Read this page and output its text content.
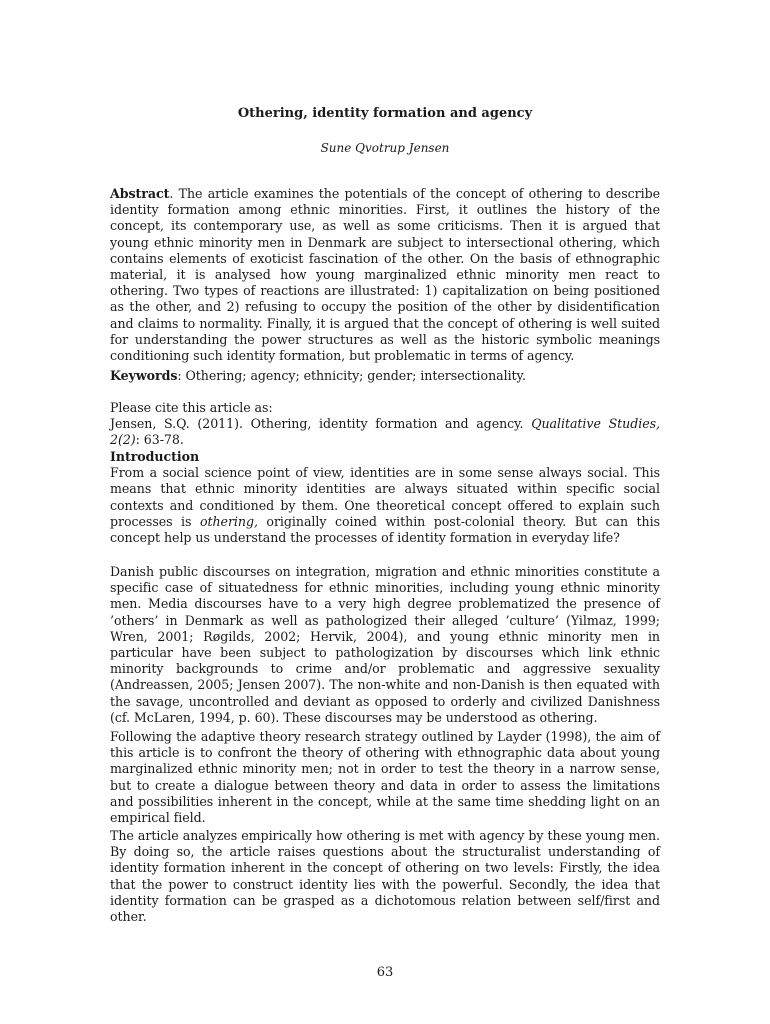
Othering, identity formation and agency
Sune Qvotrup Jensen

Abstract. The article examines the potentials of the concept of othering to describe identity formation among ethnic minorities. First, it outlines the history of the concept, its contemporary use, as well as some criticisms. Then it is argued that young ethnic minority men in Denmark are subject to intersectional othering, which contains elements of exoticist fascination of the other. On the basis of ethnographic material, it is analysed how young marginalized ethnic minority men react to othering. Two types of reactions are illustrated: 1) capitalization on being positioned as the other, and 2) refusing to occupy the position of the other by disidentification and claims to normality. Finally, it is argued that the concept of othering is well suited for understanding the power structures as well as the historic symbolic meanings conditioning such identity formation, but problematic in terms of agency.

Keywords: Othering; agency; ethnicity; gender; intersectionality.

Please cite this article as:

Jensen, S.Q. (2011). Othering, identity formation and agency. Qualitative Studies, 2(2): 63-78.

Introduction

From a social science point of view, identities are in some sense always social. This means that ethnic minority identities are always situated within specific social contexts and conditioned by them. One theoretical concept offered to explain such processes is othering, originally coined within post-colonial theory. But can this concept help us understand the processes of identity formation in everyday life?

Danish public discourses on integration, migration and ethnic minorities constitute a specific case of situatedness for ethnic minorities, including young ethnic minority men. Media discourses have to a very high degree problematized the presence of ’others’ in Denmark as well as pathologized their alleged ’culture’ (Yilmaz, 1999; Wren, 2001; Røgilds, 2002; Hervik, 2004), and young ethnic minority men in particular have been subject to pathologization by discourses which link ethnic minority backgrounds to crime and/or problematic and aggressive sexuality (Andreassen, 2005; Jensen 2007). The non-white and non-Danish is then equated with the savage, uncontrolled and deviant as opposed to orderly and civilized Danishness (cf. McLaren, 1994, p. 60). These discourses may be understood as othering.

Following the adaptive theory research strategy outlined by Layder (1998), the aim of this article is to confront the theory of othering with ethnographic data about young marginalized ethnic minority men; not in order to test the theory in a narrow sense, but to create a dialogue between theory and data in order to assess the limitations and possibilities inherent in the concept, while at the same time shedding light on an empirical field.

The article analyzes empirically how othering is met with agency by these young men. By doing so, the article raises questions about the structuralist understanding of identity formation inherent in the concept of othering on two levels: Firstly, the idea that the power to construct identity lies with the powerful. Secondly, the idea that identity formation can be grasped as a dichotomous relation between self/first and other.

63
